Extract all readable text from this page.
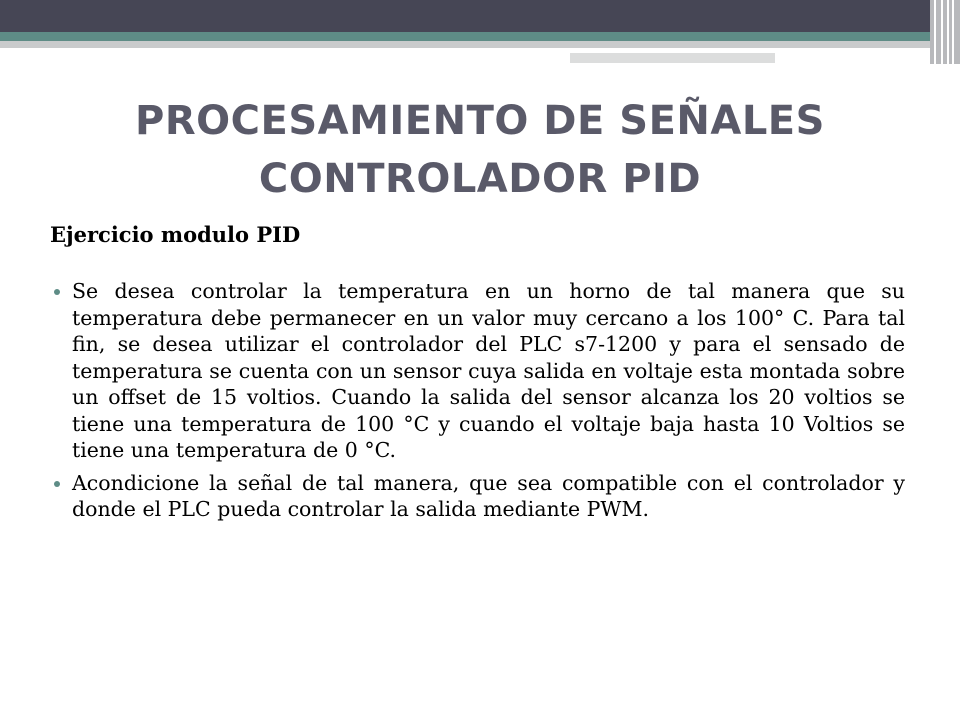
PROCESAMIENTO DE SEÑALES
CONTROLADOR PID
Ejercicio modulo PID
Se desea controlar la temperatura en un horno de tal manera que su temperatura debe permanecer en un valor muy cercano a los 100° C. Para tal fin, se desea utilizar el controlador del PLC s7-1200 y para el sensado de temperatura se cuenta con un sensor cuya salida en voltaje esta montada sobre un offset de 15 voltios. Cuando la salida del sensor alcanza los 20 voltios se tiene una temperatura de 100 °C y cuando el voltaje baja hasta 10 Voltios se tiene una temperatura de 0 °C.
Acondicione la señal de tal manera, que sea compatible con el controlador y donde el PLC pueda controlar la salida mediante PWM.
